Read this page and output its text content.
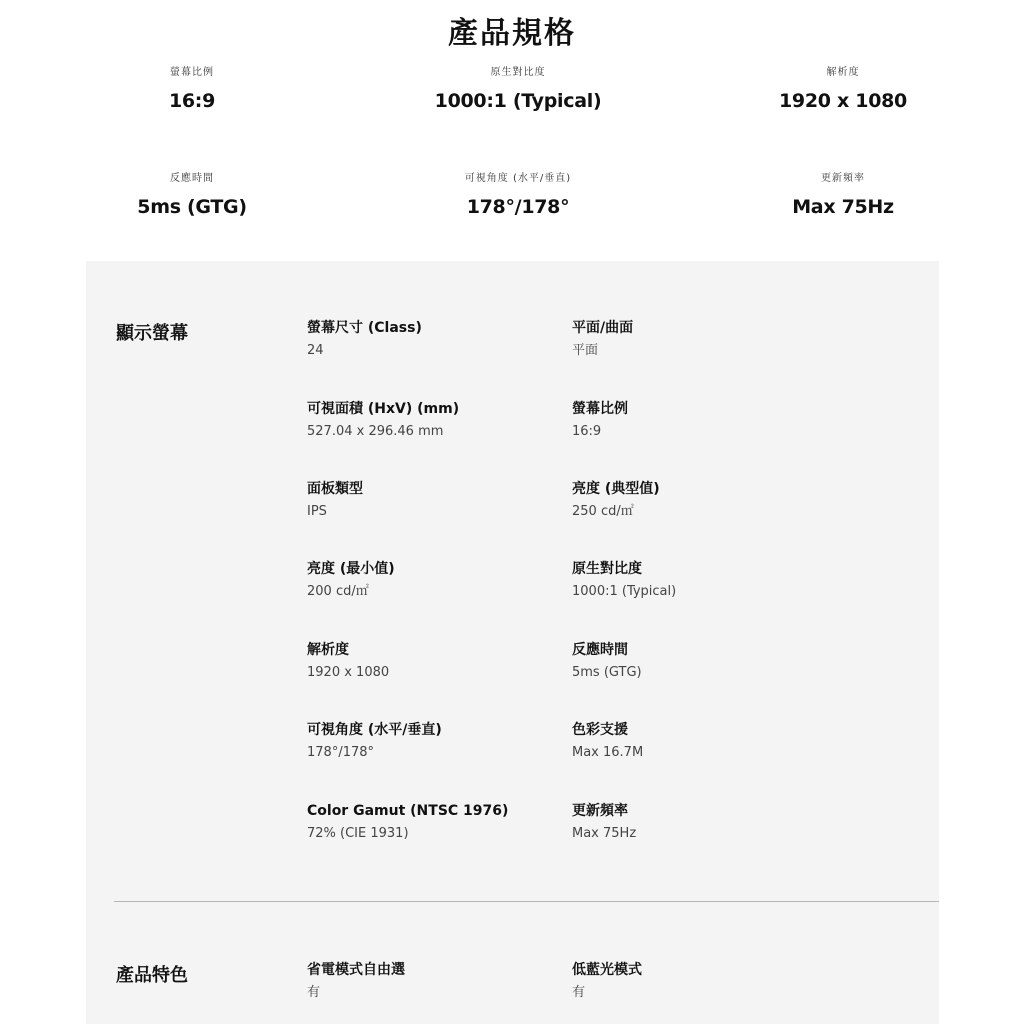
產品規格
螢幕比例
16:9
原生對比度
1000:1 (Typical)
解析度
1920 x 1080
反應時間
5ms (GTG)
可視角度 (水平/垂直)
178°/178°
更新頻率
Max 75Hz
顯示螢幕	螢幕尺寸 (Class)
24
平面/曲面
平面
可視面積 (HxV) (mm)
527.04 x 296.46 mm
螢幕比例
16:9
面板類型
IPS
亮度 (典型值)
250 cd/㎡
亮度 (最小值)
200 cd/㎡
原生對比度
1000:1 (Typical)
解析度
1920 x 1080
反應時間
5ms (GTG)
可視角度 (水平/垂直)
178°/178°
色彩支援
Max 16.7M
Color Gamut (NTSC 1976)
72% (CIE 1931)
更新頻率
Max 75Hz
產品特色	省電模式自由選
有
低藍光模式
有
